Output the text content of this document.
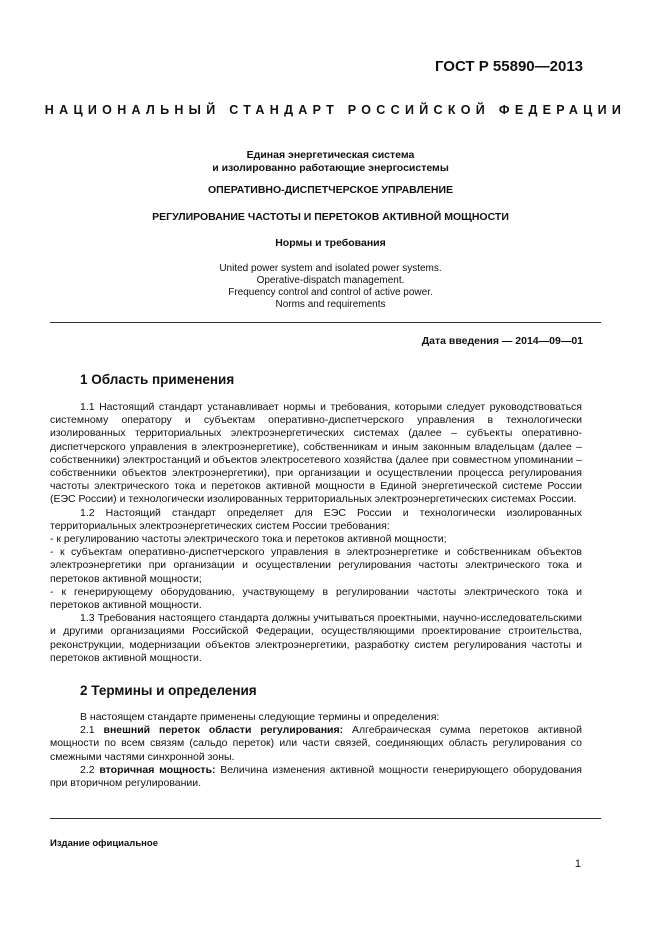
ГОСТ Р 55890—2013
НАЦИОНАЛЬНЫЙ СТАНДАРТ РОССИЙСКОЙ ФЕДЕРАЦИИ
Единая энергетическая система
и изолированно работающие энергосистемы
ОПЕРАТИВНО-ДИСПЕТЧЕРСКОЕ УПРАВЛЕНИЕ
РЕГУЛИРОВАНИЕ ЧАСТОТЫ И ПЕРЕТОКОВ АКТИВНОЙ МОЩНОСТИ
Нормы и требования
United power system and isolated power systems.
Operative-dispatch management.
Frequency control and control of active power.
Norms and requirements
Дата введения — 2014—09—01
1 Область применения

1.1 Настоящий стандарт устанавливает нормы и требования, которыми следует руководствоваться системному оператору и субъектам оперативно-диспетчерского управления в технологически изолированных территориальных электроэнергетических системах (далее – субъекты оперативно-диспетчерского управления в электроэнергетике), собственникам и иным законным владельцам (далее – собственники) электростанций и объектов электросетевого хозяйства (далее при совместном упоминании – собственники объектов электроэнергетики), при организации и осуществлении процесса регулирования частоты электрического тока и перетоков активной мощности в Единой энергетической системе России (ЕЭС России) и технологически изолированных территориальных электроэнергетических системах России.

1.2 Настоящий стандарт определяет для ЕЭС России и технологически изолированных территориальных электроэнергетических систем России требования:

- к регулированию частоты электрического тока и перетоков активной мощности;

- к субъектам оперативно-диспетчерского управления в электроэнергетике и собственникам объектов электроэнергетики при организации и осуществлении регулирования частоты электрического тока и перетоков активной мощности;

- к генерирующему оборудованию, участвующему в регулировании частоты электрического тока и перетоков активной мощности.

1.3 Требования настоящего стандарта должны учитываться проектными, научно-исследовательскими и другими организациями Российской Федерации, осуществляющими проектирование строительства, реконструкции, модернизации объектов электроэнергетики, разработку систем регулирования частоты и перетоков активной мощности.

2 Термины и определения

В настоящем стандарте применены следующие термины и определения:

2.1 внешний переток области регулирования: Алгебраическая сумма перетоков активной мощности по всем связям (сальдо переток) или части связей, соединяющих область регулирования со смежными частями синхронной зоны.

2.2 вторичная мощность: Величина изменения активной мощности генерирующего оборудования при вторичном регулировании.

Издание официальное
1
